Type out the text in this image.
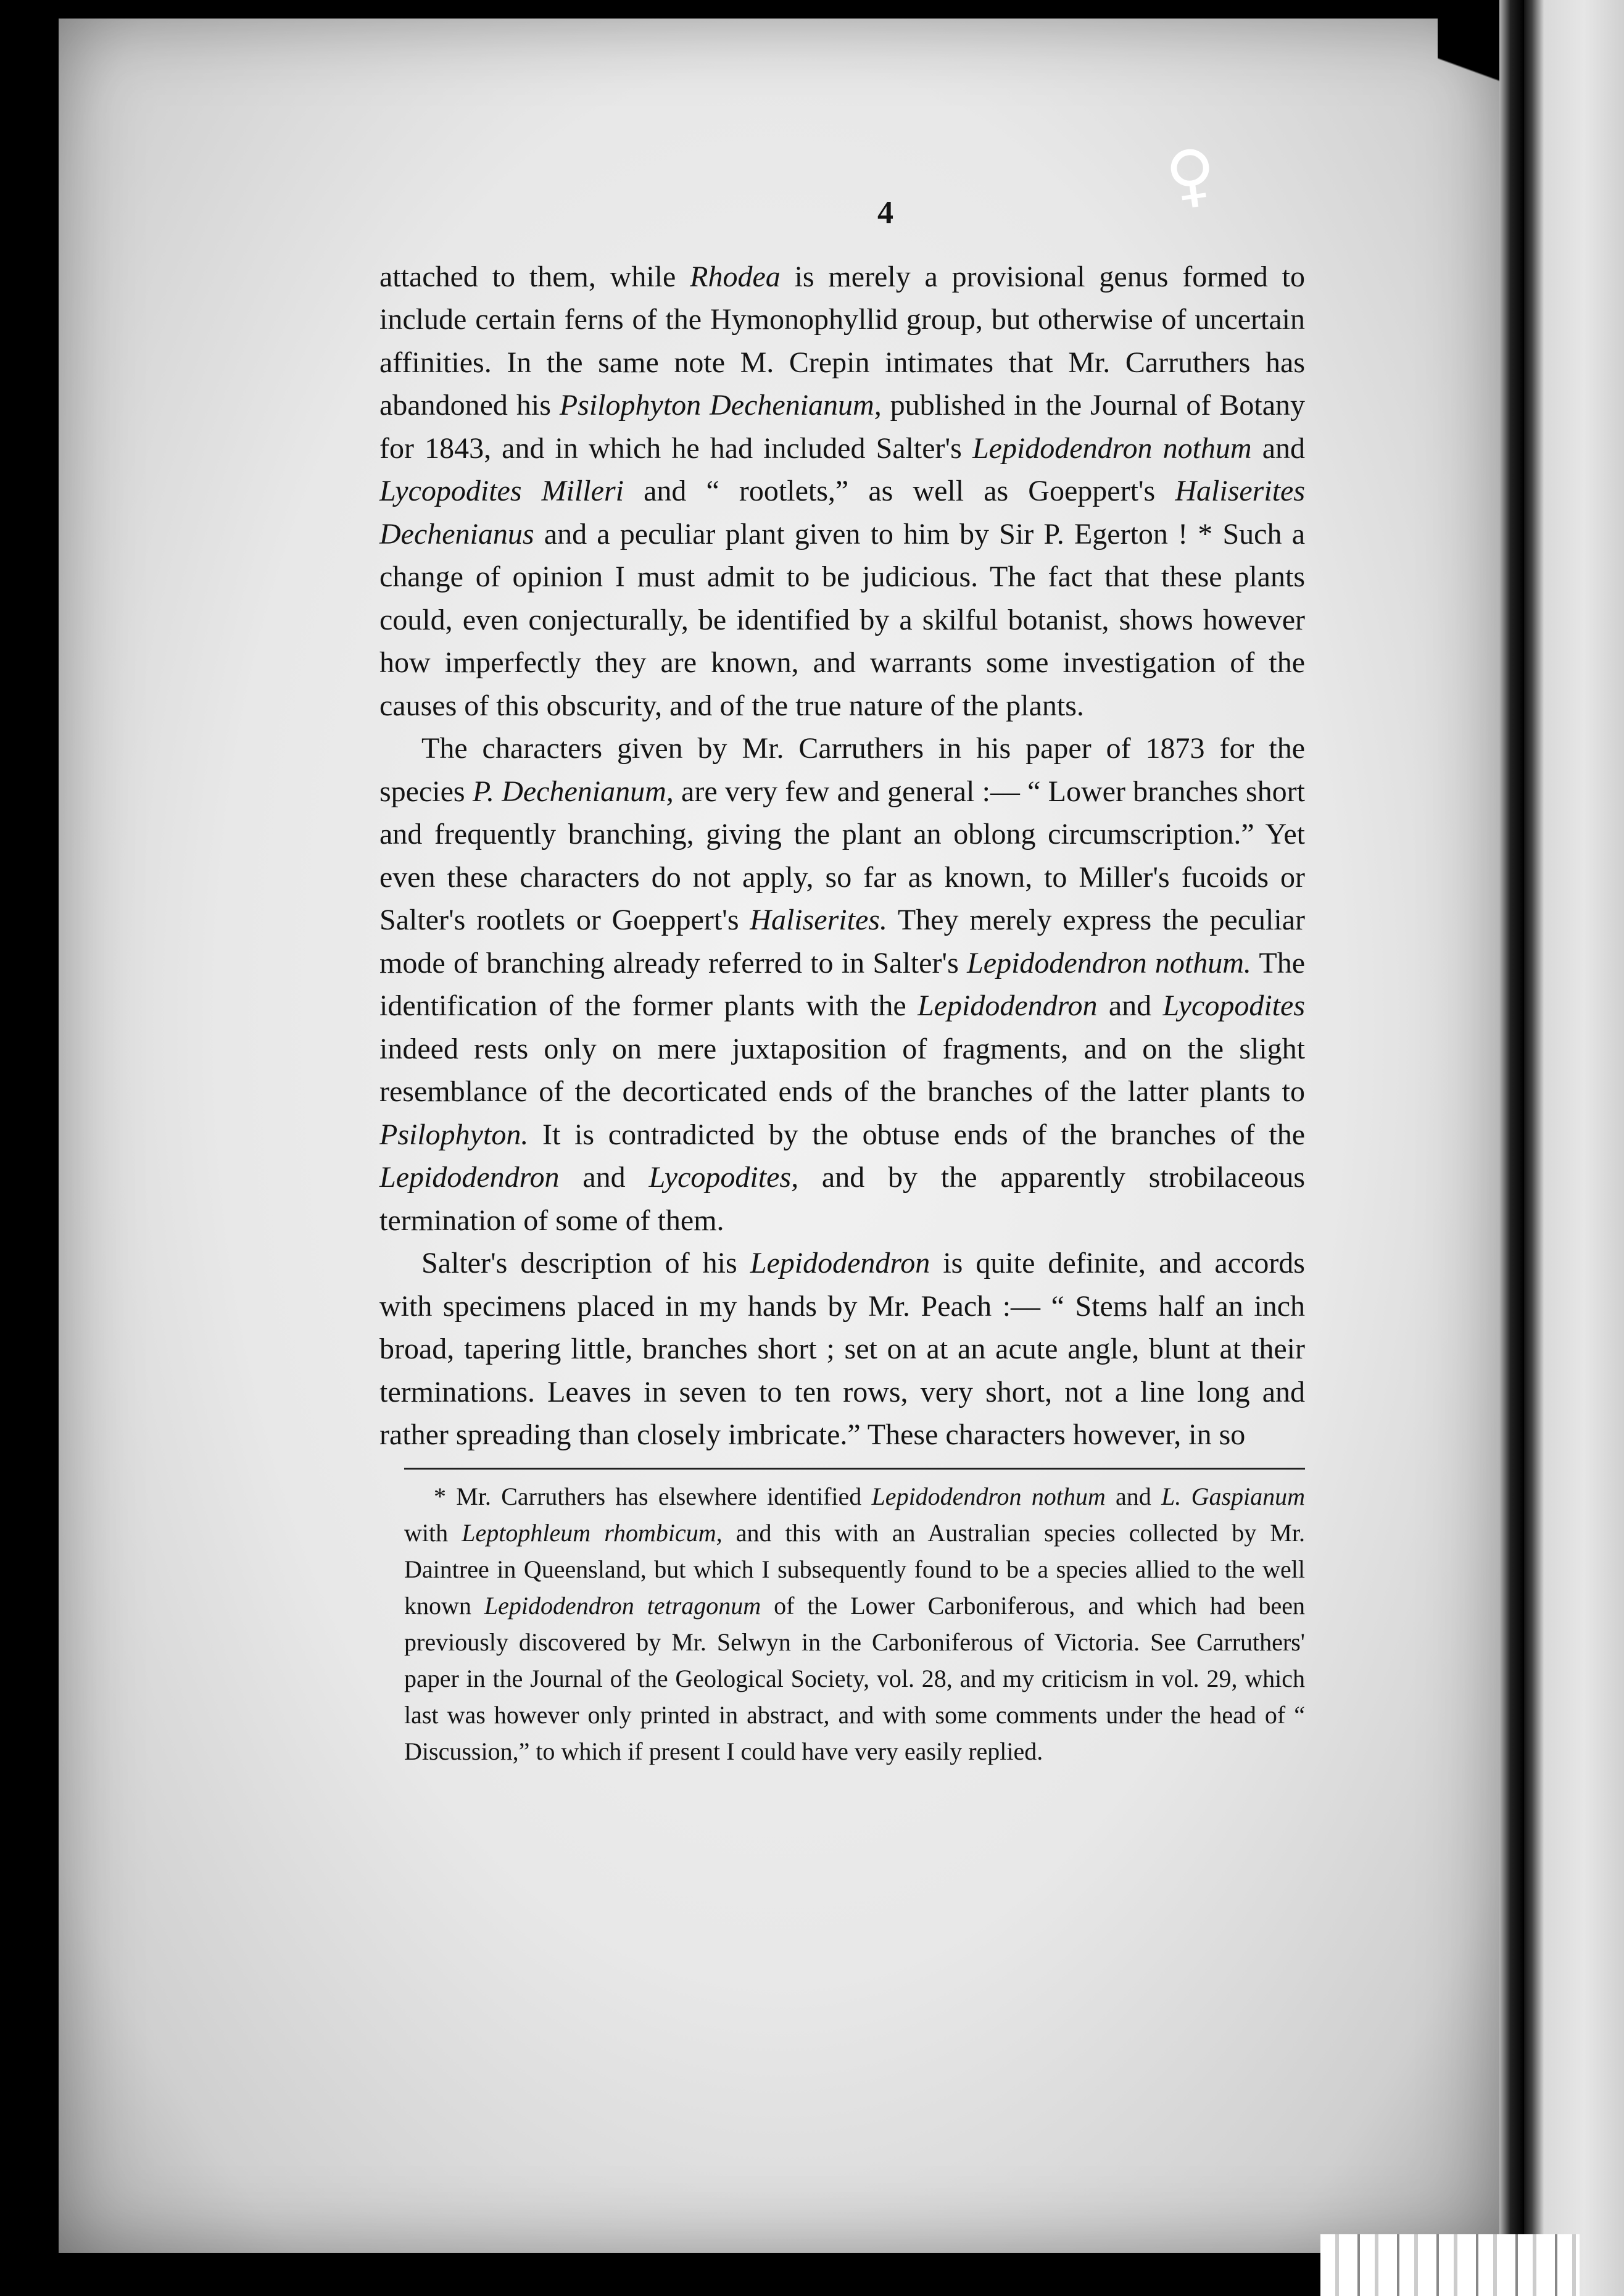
♀
4

attached to them, while Rhodea is merely a provisional genus formed to include certain ferns of the Hymonophyllid group, but otherwise of uncertain affinities. In the same note M. Crepin intimates that Mr. Carruthers has abandoned his Psilophyton Dechenianum, published in the Journal of Botany for 1843, and in which he had included Salter's Lepidodendron nothum and Lycopodites Milleri and “ rootlets,” as well as Goeppert's Haliserites Dechenianus and a peculiar plant given to him by Sir P. Egerton ! * Such a change of opinion I must admit to be judicious. The fact that these plants could, even conjecturally, be identified by a skilful botanist, shows however how imperfectly they are known, and warrants some investigation of the causes of this obscurity, and of the true nature of the plants.

The characters given by Mr. Carruthers in his paper of 1873 for the species P. Dechenianum, are very few and general :— “ Lower branches short and frequently branching, giving the plant an oblong circumscription.” Yet even these characters do not apply, so far as known, to Miller's fucoids or Salter's rootlets or Goeppert's Haliserites. They merely express the peculiar mode of branching already referred to in Salter's Lepidodendron nothum. The identification of the former plants with the Lepidodendron and Lycopodites indeed rests only on mere juxtaposition of fragments, and on the slight resemblance of the decorticated ends of the branches of the latter plants to Psilophyton. It is contradicted by the obtuse ends of the branches of the Lepidodendron and Lycopodites, and by the apparently strobilaceous termination of some of them.

Salter's description of his Lepidodendron is quite definite, and accords with specimens placed in my hands by Mr. Peach :— “ Stems half an inch broad, tapering little, branches short ; set on at an acute angle, blunt at their terminations. Leaves in seven to ten rows, very short, not a line long and rather spreading than closely imbricate.” These characters however, in so

* Mr. Carruthers has elsewhere identified Lepidodendron nothum and L. Gaspianum with Leptophleum rhombicum, and this with an Australian species collected by Mr. Daintree in Queensland, but which I subsequently found to be a species allied to the well known Lepidodendron tetragonum of the Lower Carboniferous, and which had been previously discovered by Mr. Selwyn in the Carboniferous of Victoria. See Carruthers' paper in the Journal of the Geological Society, vol. 28, and my criticism in vol. 29, which last was however only printed in abstract, and with some comments under the head of “ Discussion,” to which if present I could have very easily replied.
